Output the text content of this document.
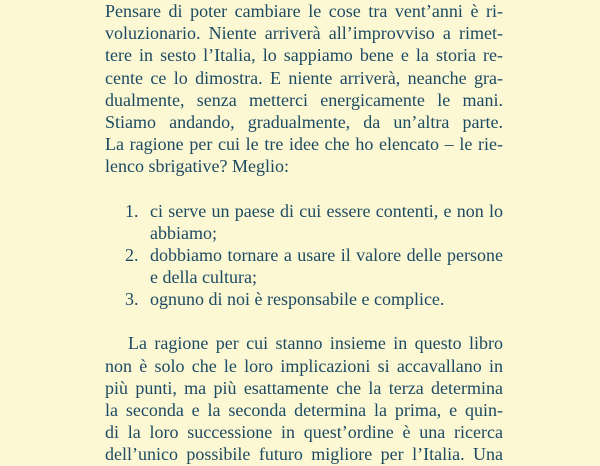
Pensare di poter cambiare le cose tra vent’anni è ri-
voluzionario. Niente arriverà all’improvviso a rimet-
tere in sesto l’Italia, lo sappiamo bene e la storia re-
cente ce lo dimostra. E niente arriverà, neanche gra-
dualmente, senza metterci energicamente le mani.
Stiamo andando, gradualmente, da un’altra parte.
La ragione per cui le tre idee che ho elencato – le rie-
lenco sbrigative? Meglio:
1. ci serve un paese di cui essere contenti, e non lo
abbiamo;
2. dobbiamo tornare a usare il valore delle persone
e della cultura;
3. ognuno di noi è responsabile e complice.
La ragione per cui stanno insieme in questo libro
non è solo che le loro implicazioni si accavallano in
più punti, ma più esattamente che la terza determina
la seconda e la seconda determina la prima, e quin-
di la loro successione in quest’ordine è una ricerca
dell’unico possibile futuro migliore per l’Italia. Una
